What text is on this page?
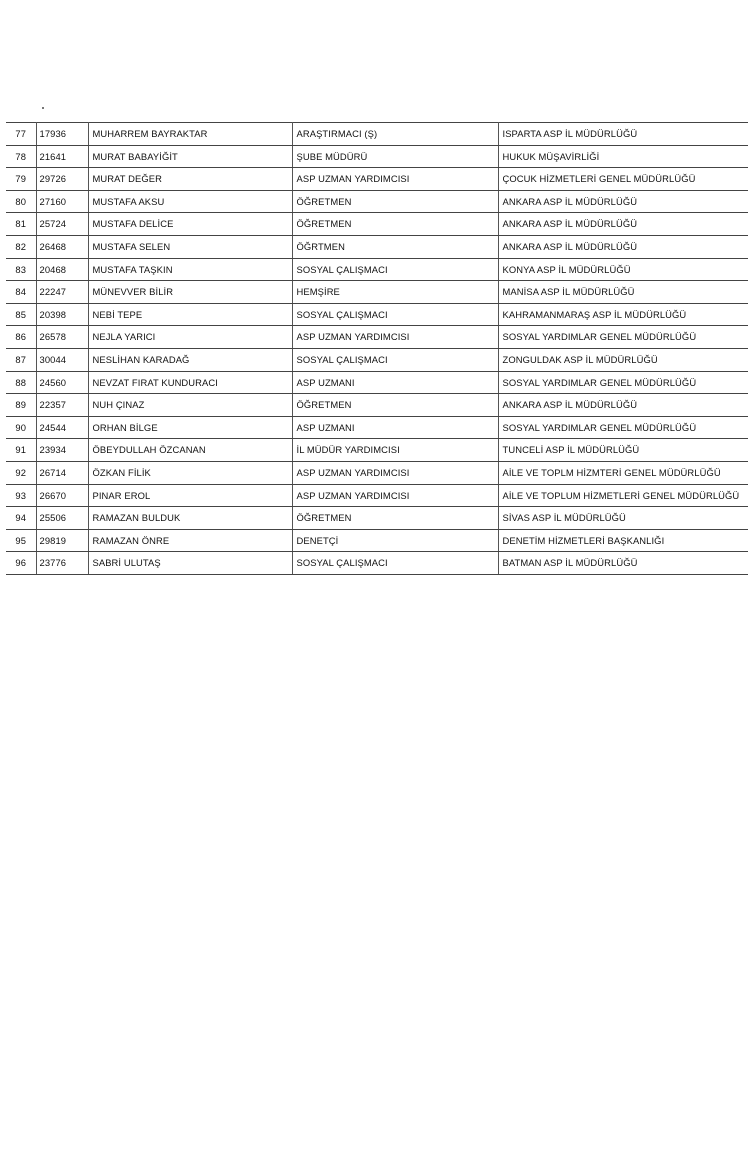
77	17936	MUHARREM BAYRAKTAR	ARAŞTIRMACI (Ş)	ISPARTA ASP İL MÜDÜRLÜĞÜ
78	21641	MURAT BABAYİĞİT	ŞUBE MÜDÜRÜ	HUKUK MÜŞAVİRLİĞİ
79	29726	MURAT DEĞER	ASP UZMAN YARDIMCISI	ÇOCUK HİZMETLERİ GENEL MÜDÜRLÜĞÜ
80	27160	MUSTAFA AKSU	ÖĞRETMEN	ANKARA ASP İL MÜDÜRLÜĞÜ
81	25724	MUSTAFA DELİCE	ÖĞRETMEN	ANKARA ASP İL MÜDÜRLÜĞÜ
82	26468	MUSTAFA SELEN	ÖĞRTMEN	ANKARA ASP İL MÜDÜRLÜĞÜ
83	20468	MUSTAFA TAŞKIN	SOSYAL ÇALIŞMACI	KONYA ASP İL MÜDÜRLÜĞÜ
84	22247	MÜNEVVER BİLİR	HEMŞİRE	MANİSA ASP İL MÜDÜRLÜĞÜ
85	20398	NEBİ TEPE	SOSYAL ÇALIŞMACI	KAHRAMANMARAŞ ASP İL MÜDÜRLÜĞÜ
86	26578	NEJLA YARICI	ASP UZMAN YARDIMCISI	SOSYAL YARDIMLAR GENEL MÜDÜRLÜĞÜ
87	30044	NESLİHAN KARADAĞ	SOSYAL ÇALIŞMACI	ZONGULDAK ASP İL MÜDÜRLÜĞÜ
88	24560	NEVZAT FIRAT KUNDURACI	ASP UZMANI	SOSYAL YARDIMLAR GENEL MÜDÜRLÜĞÜ
89	22357	NUH ÇINAZ	ÖĞRETMEN	ANKARA ASP İL MÜDÜRLÜĞÜ
90	24544	ORHAN BİLGE	ASP UZMANI	SOSYAL YARDIMLAR GENEL MÜDÜRLÜĞÜ
91	23934	ÖBEYDULLAH ÖZCANAN	İL MÜDÜR YARDIMCISI	TUNCELİ ASP İL MÜDÜRLÜĞÜ
92	26714	ÖZKAN FİLİK	ASP UZMAN YARDIMCISI	AİLE VE TOPLM HİZMTERİ GENEL MÜDÜRLÜĞÜ
93	26670	PINAR EROL	ASP UZMAN YARDIMCISI	AİLE VE TOPLUM HİZMETLERİ GENEL MÜDÜRLÜĞÜ
94	25506	RAMAZAN BULDUK	ÖĞRETMEN	SİVAS ASP İL MÜDÜRLÜĞÜ
95	29819	RAMAZAN ÖNRE	DENETÇİ	DENETİM HİZMETLERİ BAŞKANLIĞI
96	23776	SABRİ ULUTAŞ	SOSYAL ÇALIŞMACI	BATMAN ASP İL MÜDÜRLÜĞÜ
